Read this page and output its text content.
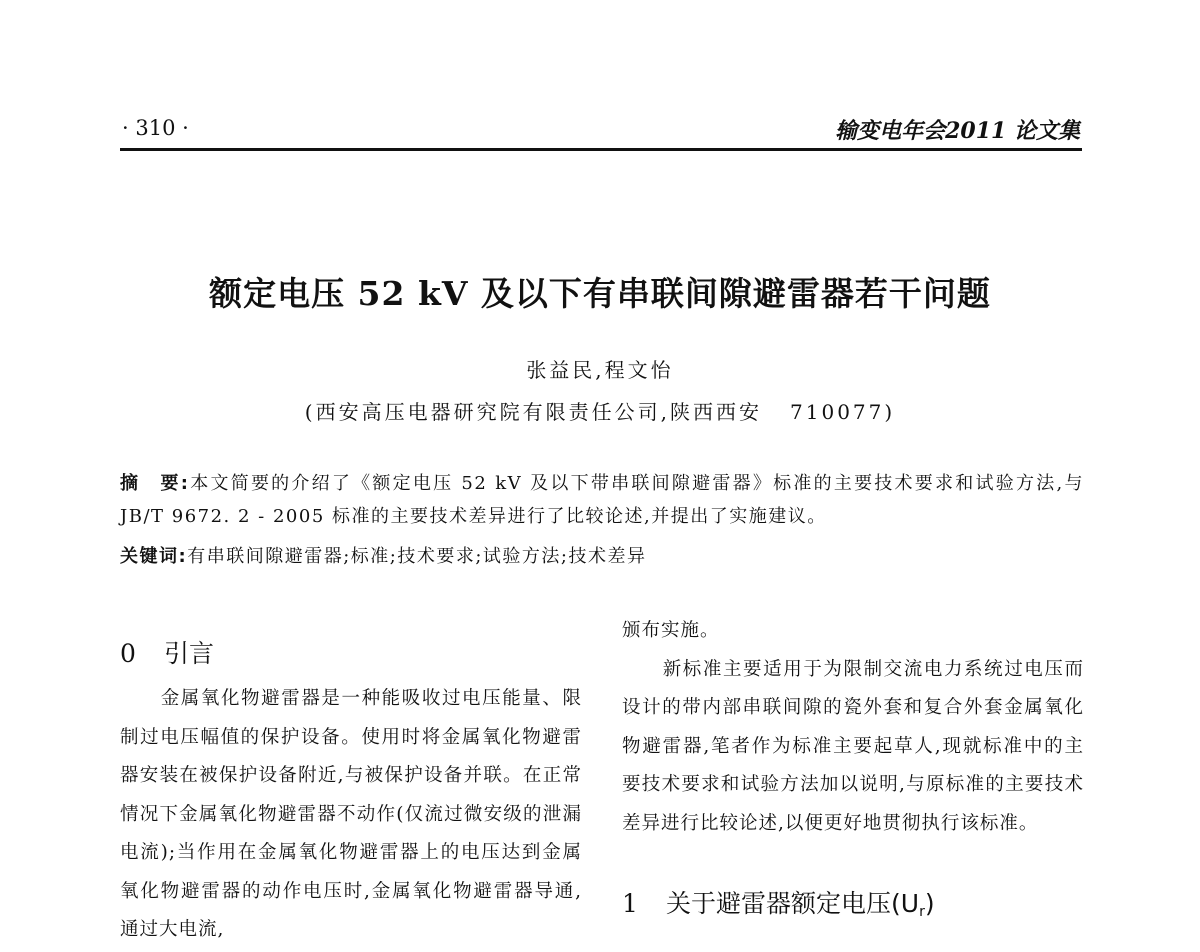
· 310 ·	输变电年会2011 论文集
额定电压 52 kV 及以下有串联间隙避雷器若干问题
张益民,程文怡
(西安高压电器研究院有限责任公司,陕西西安   710077)
摘　要:本文简要的介绍了《额定电压 52 kV 及以下带串联间隙避雷器》标准的主要技术要求和试验方法,与 JB/T 9672. 2 - 2005 标准的主要技术差异进行了比较论述,并提出了实施建议。
关键词:有串联间隙避雷器;标准;技术要求;试验方法;技术差异
0 引言

金属氧化物避雷器是一种能吸收过电压能量、限制过电压幅值的保护设备。使用时将金属氧化物避雷器安装在被保护设备附近,与被保护设备并联。在正常情况下金属氧化物避雷器不动作(仅流过微安级的泄漏电流);当作用在金属氧化物避雷器上的电压达到金属氧化物避雷器的动作电压时,金属氧化物避雷器导通,通过大电流,

颁布实施。

新标准主要适用于为限制交流电力系统过电压而设计的带内部串联间隙的瓷外套和复合外套金属氧化物避雷器,笔者作为标准主要起草人,现就标准中的主要技术要求和试验方法加以说明,与原标准的主要技术差异进行比较论述,以便更好地贯彻执行该标准。

1 关于避雷器额定电压$(U_r)$
